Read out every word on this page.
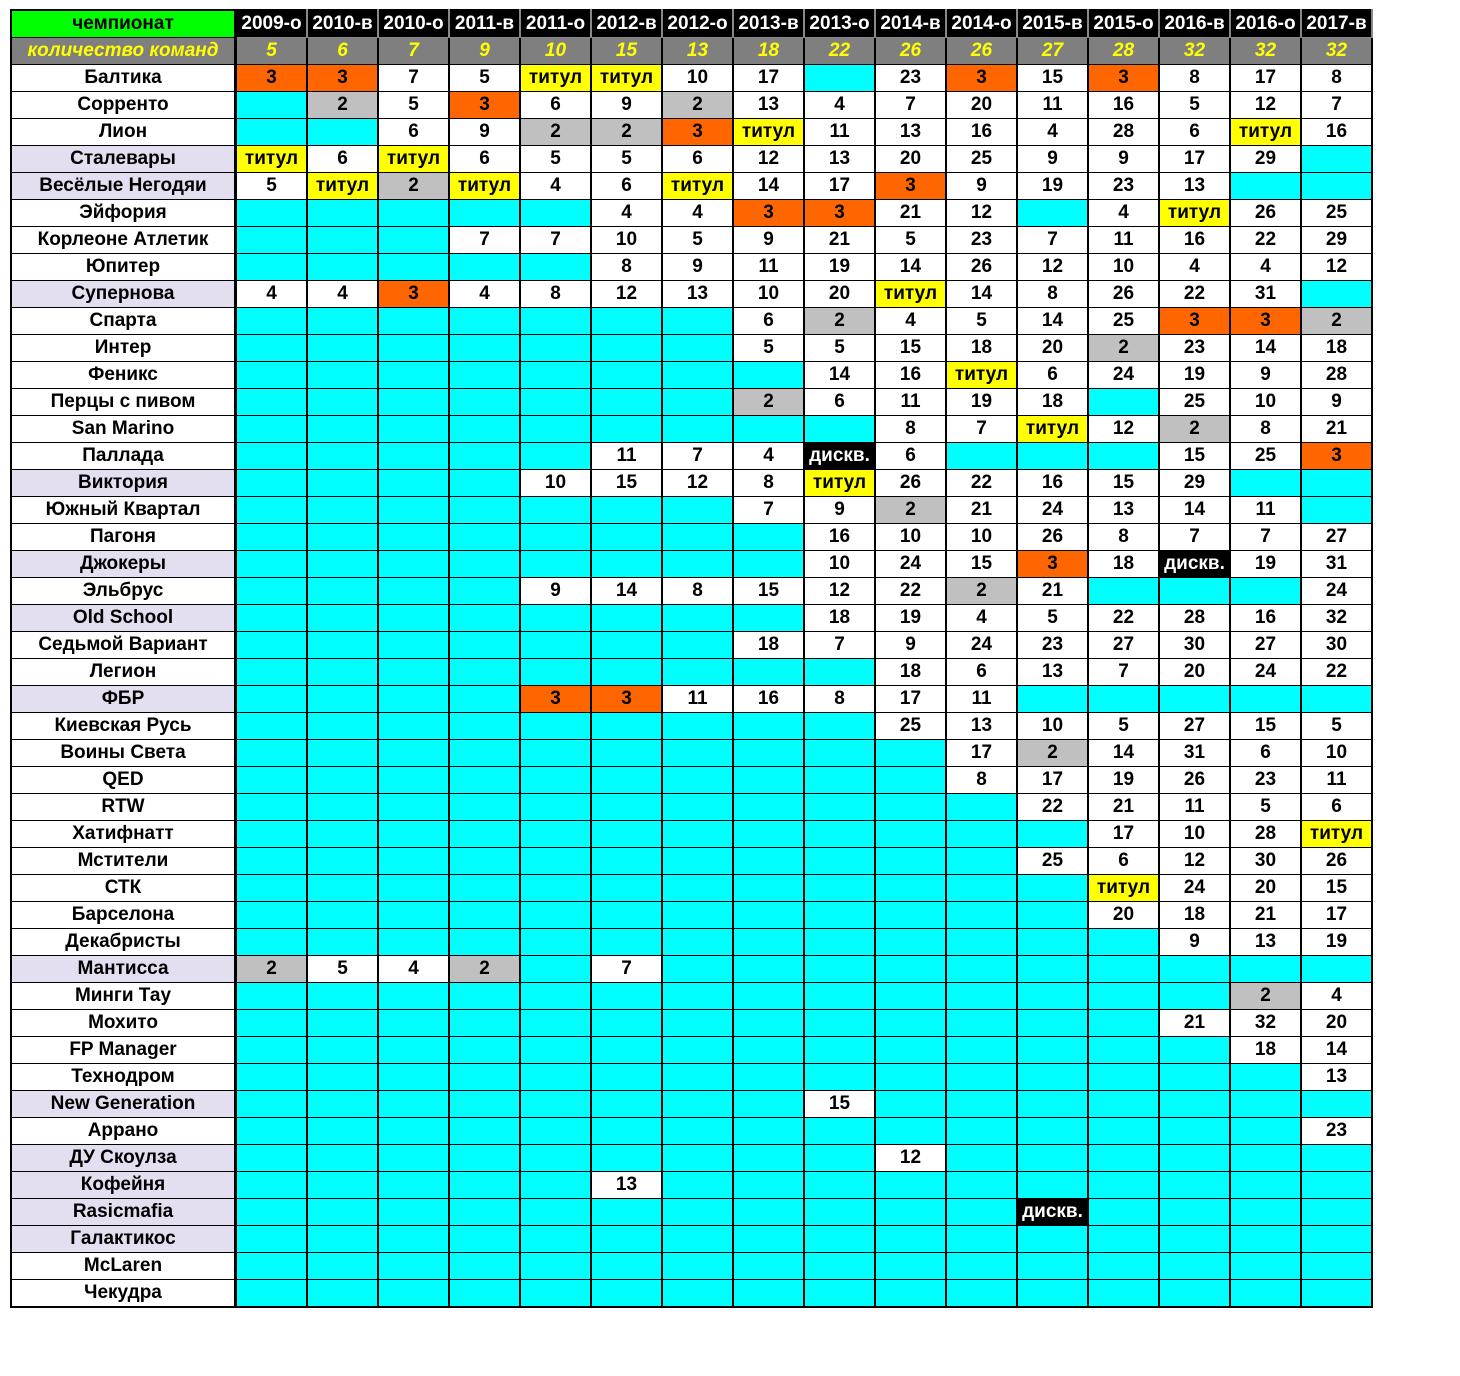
чемпионат	2009-о	2010-в	2010-о	2011-в	2011-о	2012-в	2012-о	2013-в	2013-о	2014-в	2014-о	2015-в	2015-о	2016-в	2016-о	2017-в
количество команд	5	6	7	9	10	15	13	18	22	26	26	27	28	32	32	32
Балтика	3	3	7	5	титул	титул	10	17		23	3	15	3	8	17	8
Сорренто		2	5	3	6	9	2	13	4	7	20	11	16	5	12	7
Лион			6	9	2	2	3	титул	11	13	16	4	28	6	титул	16
Сталевары	титул	6	титул	6	5	5	6	12	13	20	25	9	9	17	29	
Весёлые Негодяи	5	титул	2	титул	4	6	титул	14	17	3	9	19	23	13		
Эйфория						4	4	3	3	21	12		4	титул	26	25
Корлеоне Атлетик				7	7	10	5	9	21	5	23	7	11	16	22	29
Юпитер						8	9	11	19	14	26	12	10	4	4	12
Супернова	4	4	3	4	8	12	13	10	20	титул	14	8	26	22	31	
Спарта								6	2	4	5	14	25	3	3	2
Интер								5	5	15	18	20	2	23	14	18
Феникс									14	16	титул	6	24	19	9	28
Перцы с пивом								2	6	11	19	18		25	10	9
San Marino										8	7	титул	12	2	8	21
Паллада						11	7	4	дискв.	6				15	25	3
Виктория					10	15	12	8	титул	26	22	16	15	29		
Южный Квартал								7	9	2	21	24	13	14	11	
Пагоня									16	10	10	26	8	7	7	27
Джокеры									10	24	15	3	18	дискв.	19	31
Эльбрус					9	14	8	15	12	22	2	21				24
Old School									18	19	4	5	22	28	16	32
Седьмой Вариант								18	7	9	24	23	27	30	27	30
Легион										18	6	13	7	20	24	22
ФБР					3	3	11	16	8	17	11					
Киевская Русь										25	13	10	5	27	15	5
Воины Света											17	2	14	31	6	10
QED											8	17	19	26	23	11
RTW												22	21	11	5	6
Хатифнатт													17	10	28	титул
Мстители												25	6	12	30	26
СТК													титул	24	20	15
Барселона													20	18	21	17
Декабристы														9	13	19
Мантисса	2	5	4	2		7										
Минги Тау															2	4
Мохито														21	32	20
FP Manager															18	14
Технодром																13
New Generation									15							
Аррано																23
ДУ Скоулза										12						
Кофейня						13										
Rasicmafia												дискв.				
Галактикос																
McLaren																
Чекудра																
